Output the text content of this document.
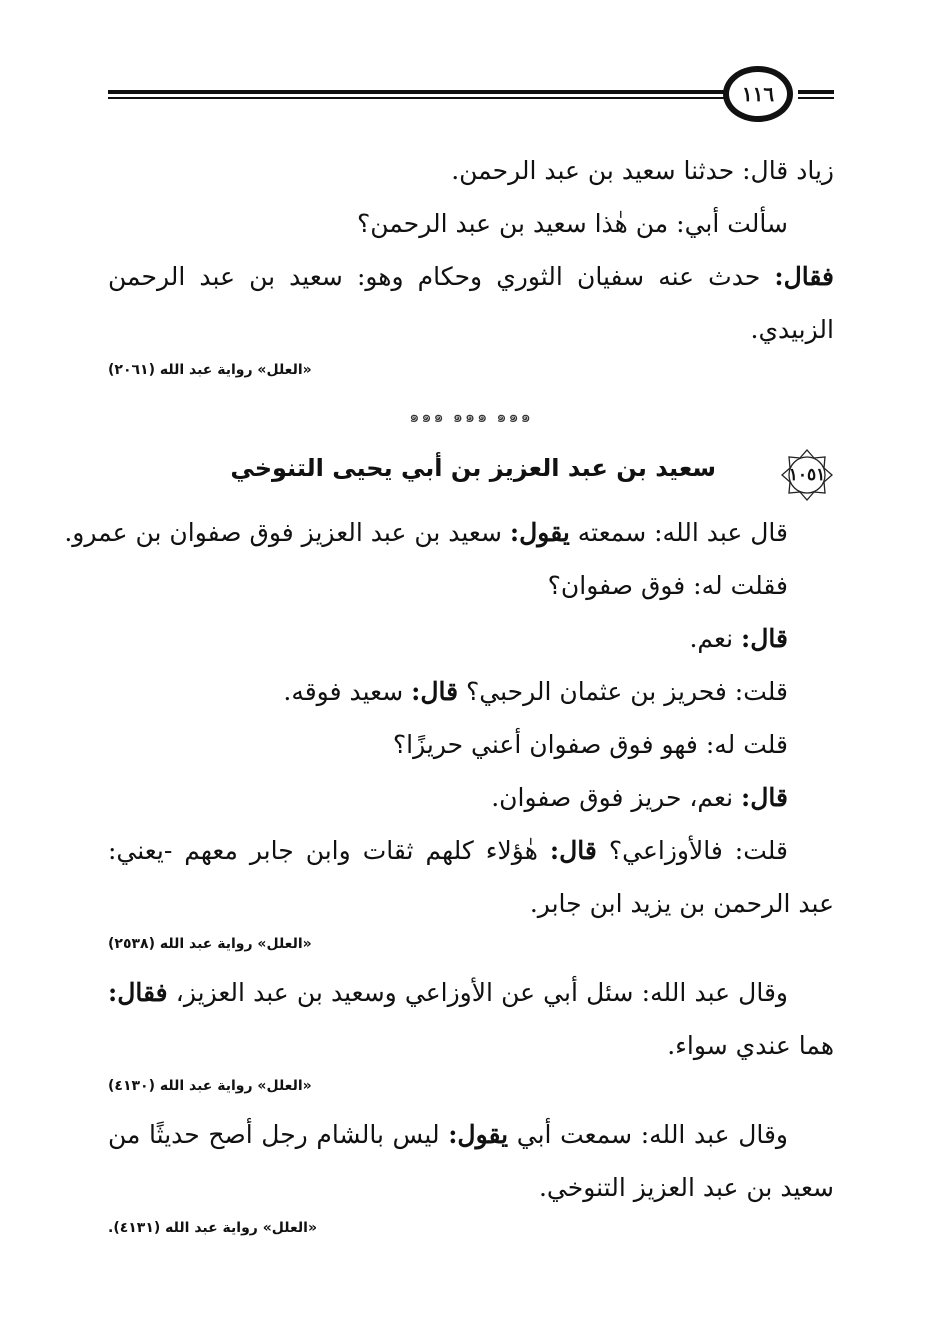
١١٦
زياد قال: حدثنا سعيد بن عبد الرحمن.
سألت أبي: من هٰذا سعيد بن عبد الرحمن؟
فقال: حدث عنه سفيان الثوري وحكام وهو: سعيد بن عبد الرحمن
الزبيدي.
«العلل» رواية عبد الله (٢٠٦١)
๑๑๑ ๑๑๑ ๑๑๑
١٠٥١
سعيد بن عبد العزيز بن أبي يحيى التنوخي
قال عبد الله: سمعته يقول: سعيد بن عبد العزيز فوق صفوان بن عمرو.
فقلت له: فوق صفوان؟
قال: نعم.
قلت: فحريز بن عثمان الرحبي؟ قال: سعيد فوقه.
قلت له: فهو فوق صفوان أعني حريزًا؟
قال: نعم، حريز فوق صفوان.
قلت: فالأوزاعي؟ قال: هٰؤلاء كلهم ثقات وابن جابر معهم -يعني:
عبد الرحمن بن يزيد ابن جابر.
«العلل» رواية عبد الله (٢٥٣٨)
وقال عبد الله: سئل أبي عن الأوزاعي وسعيد بن عبد العزيز، فقال:
هما عندي سواء.
«العلل» رواية عبد الله (٤١٣٠)
وقال عبد الله: سمعت أبي يقول: ليس بالشام رجل أصح حديثًا من
سعيد بن عبد العزيز التنوخي.
«العلل» رواية عبد الله (٤١٣١).
